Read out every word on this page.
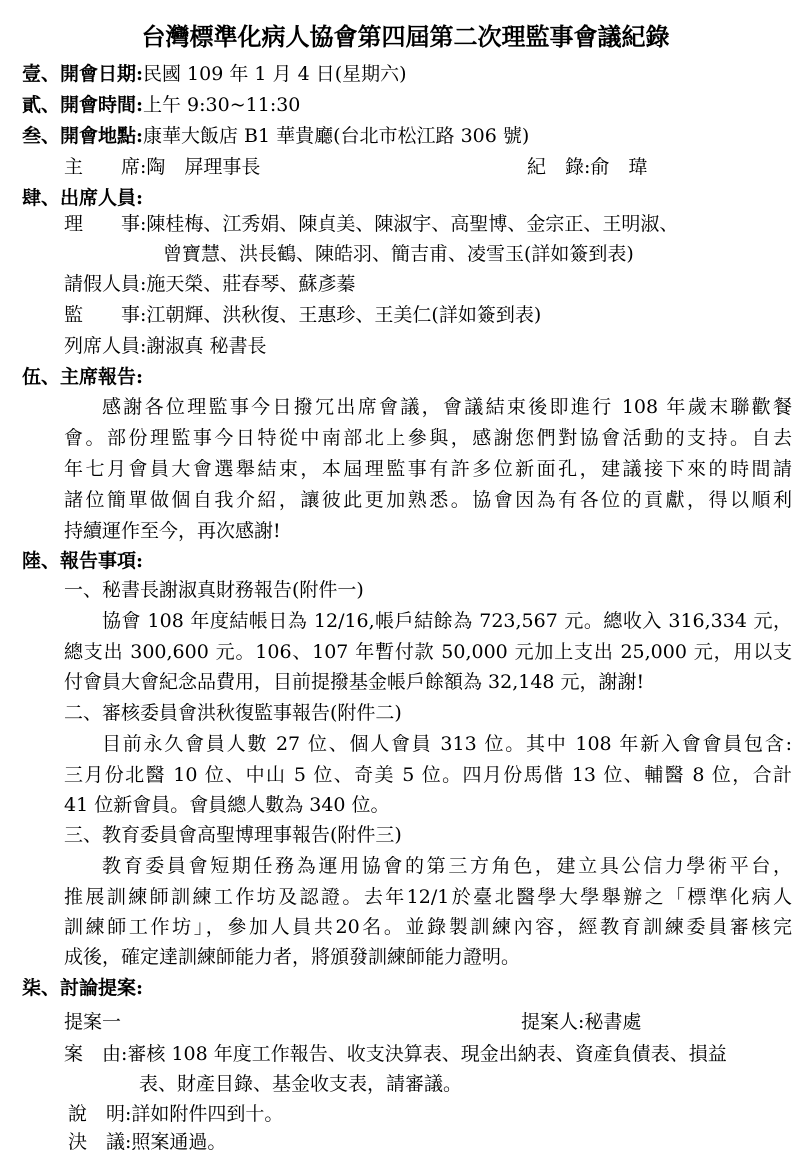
台灣標準化病人協會第四屆第二次理監事會議紀錄
壹、開會日期:民國 109 年 1 月 4 日(星期六)
貳、開會時間:上午 9:30~11:30
叁、開會地點:康華大飯店 B1 華貴廳(台北市松江路 306 號)
主　　席:陶　屏理事長	紀　錄:俞　瑋
肆、出席人員:
理　　事:陳桂梅、江秀娟、陳貞美、陳淑宇、高聖博、金宗正、王明淑、
曾寶慧、洪長鶴、陳皓羽、簡吉甫、凌雪玉(詳如簽到表)
請假人員:施天榮、莊春琴、蘇彥蓁
監　　事:江朝輝、洪秋復、王惠珍、王美仁(詳如簽到表)
列席人員:謝淑真 秘書長
伍、主席報告:
感謝各位理監事今日撥冗出席會議，會議結束後即進行 108 年歲末聯歡餐
會。部份理監事今日特從中南部北上參與，感謝您們對協會活動的支持。自去
年七月會員大會選舉結束，本屆理監事有許多位新面孔，建議接下來的時間請
諸位簡單做個自我介紹，讓彼此更加熟悉。協會因為有各位的貢獻，得以順利
持續運作至今，再次感謝!
陸、報告事項:
一、秘書長謝淑真財務報告(附件一)
協會 108 年度結帳日為 12/16,帳戶結餘為 723,567 元。總收入 316,334 元，
總支出 300,600 元。106、107 年暫付款 50,000 元加上支出 25,000 元，用以支
付會員大會紀念品費用，目前提撥基金帳戶餘額為 32,148 元，謝謝!
二、審核委員會洪秋復監事報告(附件二)
目前永久會員人數 27 位、個人會員 313 位。其中 108 年新入會會員包含:
三月份北醫 10 位、中山 5 位、奇美 5 位。四月份馬偕 13 位、輔醫 8 位，合計
41 位新會員。會員總人數為 340 位。
三、教育委員會高聖博理事報告(附件三)
教育委員會短期任務為運用協會的第三方角色，建立具公信力學術平台，
推展訓練師訓練工作坊及認證。去年12/1於臺北醫學大學舉辦之「標準化病人
訓練師工作坊」，參加人員共20名。並錄製訓練內容，經教育訓練委員審核完
成後，確定達訓練師能力者，將頒發訓練師能力證明。
柒、討論提案:
提案一	提案人:秘書處
案　由:審核 108 年度工作報告、收支決算表、現金出納表、資產負債表、損益
表、財產目錄、基金收支表，請審議。
說　明:詳如附件四到十。
決　議:照案通過。
